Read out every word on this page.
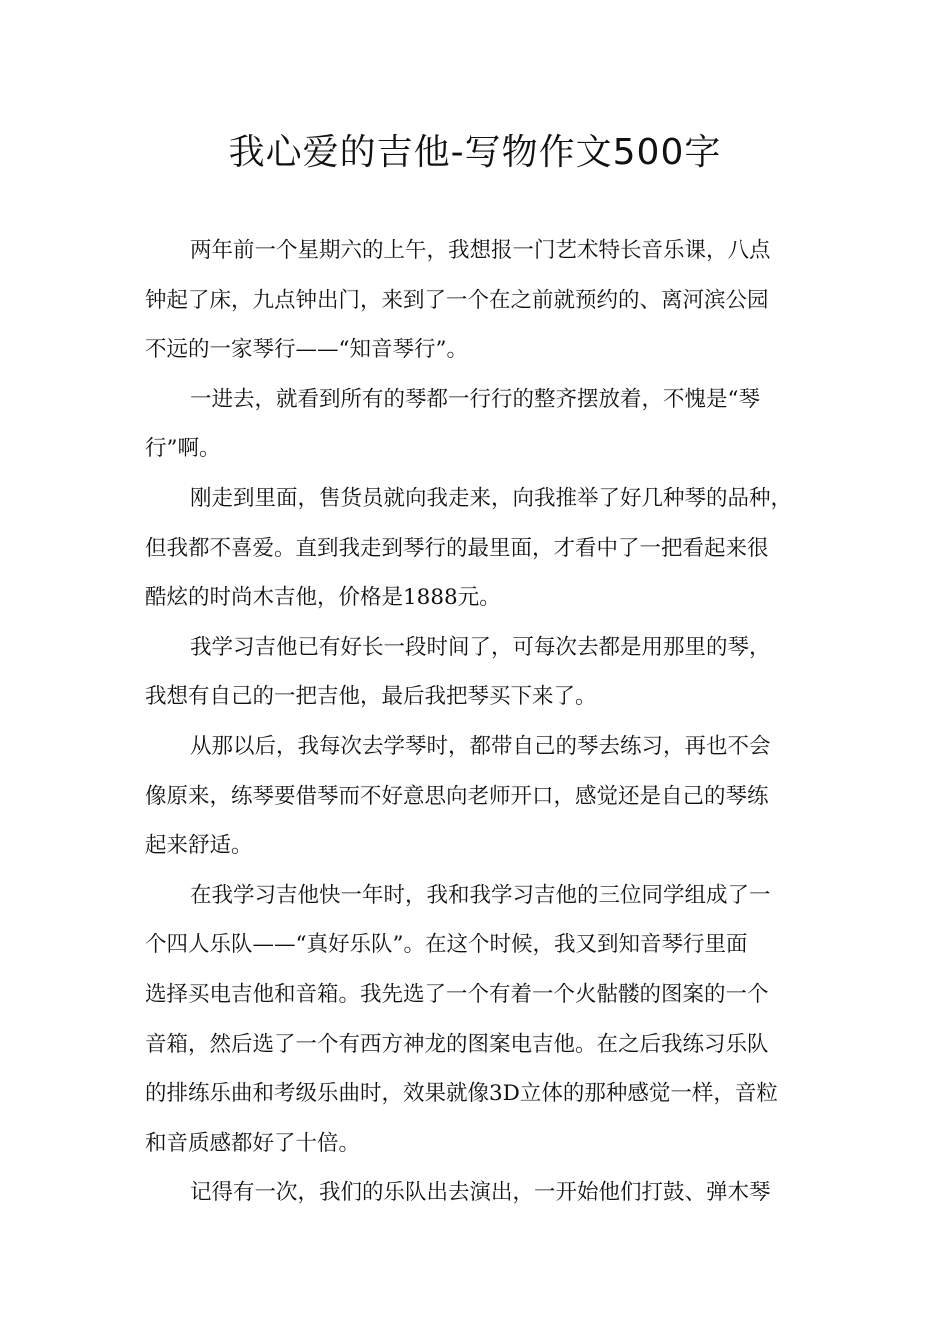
我心爱的吉他-写物作文500字
两年前一个星期六的上午，我想报一门艺术特长音乐课，八点
钟起了床，九点钟出门，来到了一个在之前就预约的、离河滨公园
不远的一家琴行——“知音琴行”。
一进去，就看到所有的琴都一行行的整齐摆放着，不愧是“琴
行”啊。
刚走到里面，售货员就向我走来，向我推举了好几种琴的品种，
但我都不喜爱。直到我走到琴行的最里面，才看中了一把看起来很
酷炫的时尚木吉他，价格是1888元。
我学习吉他已有好长一段时间了，可每次去都是用那里的琴，
我想有自己的一把吉他，最后我把琴买下来了。
从那以后，我每次去学琴时，都带自己的琴去练习，再也不会
像原来，练琴要借琴而不好意思向老师开口，感觉还是自己的琴练
起来舒适。
在我学习吉他快一年时，我和我学习吉他的三位同学组成了一
个四人乐队——“真好乐队”。在这个时候，我又到知音琴行里面
选择买电吉他和音箱。我先选了一个有着一个火骷髅的图案的一个
音箱，然后选了一个有西方神龙的图案电吉他。在之后我练习乐队
的排练乐曲和考级乐曲时，效果就像3D立体的那种感觉一样，音粒
和音质感都好了十倍。
记得有一次，我们的乐队出去演出，一开始他们打鼓、弹木琴
